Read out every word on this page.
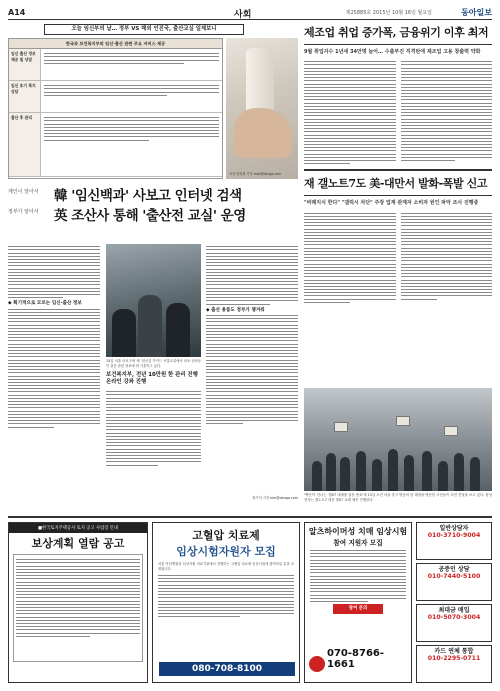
A14	사회	제25885호 2015년 10월 16일 월요일	동아일보
오늘 임신부의 날… 정부 VS 해외 인진국, 출산교실 일제보니
한국과 보건복지부의 임신·출산 관련 주요 서비스 제공
임신 출산 정보제공 및 상담
임신 초기 복지 상담
출산 후 관리
사진 장정희 기자 mes@donga.com
계인이 알아서 韓 '임신백과' 사보고 인터넷 검색
정부가 알아서 英 조산사 통해 '출산전 교실' 운영
◆ 획기적으로 모르는 임신·출산 정보
15일 서울 마포구에 새 '임신실 가이드 서울교실에서 마포 엄마들이 출산 관련 정보에 귀 기울이고 있다.
보건복지부, 전년 10만원 한 관리 진행 온라인 강좌 진행
◆ 출산 용품도 정부가 챙겨줘
장기석 기자 kim@donga.com
제조업 취업 증가폭, 금융위기 이후 최저
9월 취업자수 1년새 34만명 늘어… 수출부진 직격탄에 제조업 고용 창출력 약화
재 갤노트7도 美-대만서 발화-폭발 신고
"비례지식 한다" "갤럭시 차단" 주장 업계 관계자 소비자 원인 파악 조사 진행중
'백인이' 건너는 '갤S7 대체품 설문 번호'에 15일 오전 서울 중구 명동의 한 매장을 방문한 시민들이 의견 전달을 보고 있다. 삼성전자는 갤노트7 대신 갤S7 교체 계속 진행한다.
■한국토지주택공사 토지 공고 사업장 안내
보상계획 열람 공고
고혈압 치료제
임상시험자원자 모집
서울 아산병원과 임상자원 의료기관에서 진행하는 고혈압 치료제 임상시험에 참여하실 분을 모집합니다.
080-708-8100
알츠하이머성 치매 임상시험
참여 지원자 모집
참여 문의
070-8766-1661
일반상담자
010-3710-9004
공증인 상담
010-7440-5100
최대금 매입
010-5070-3004
카드 연체 통합
010-2295-0711
